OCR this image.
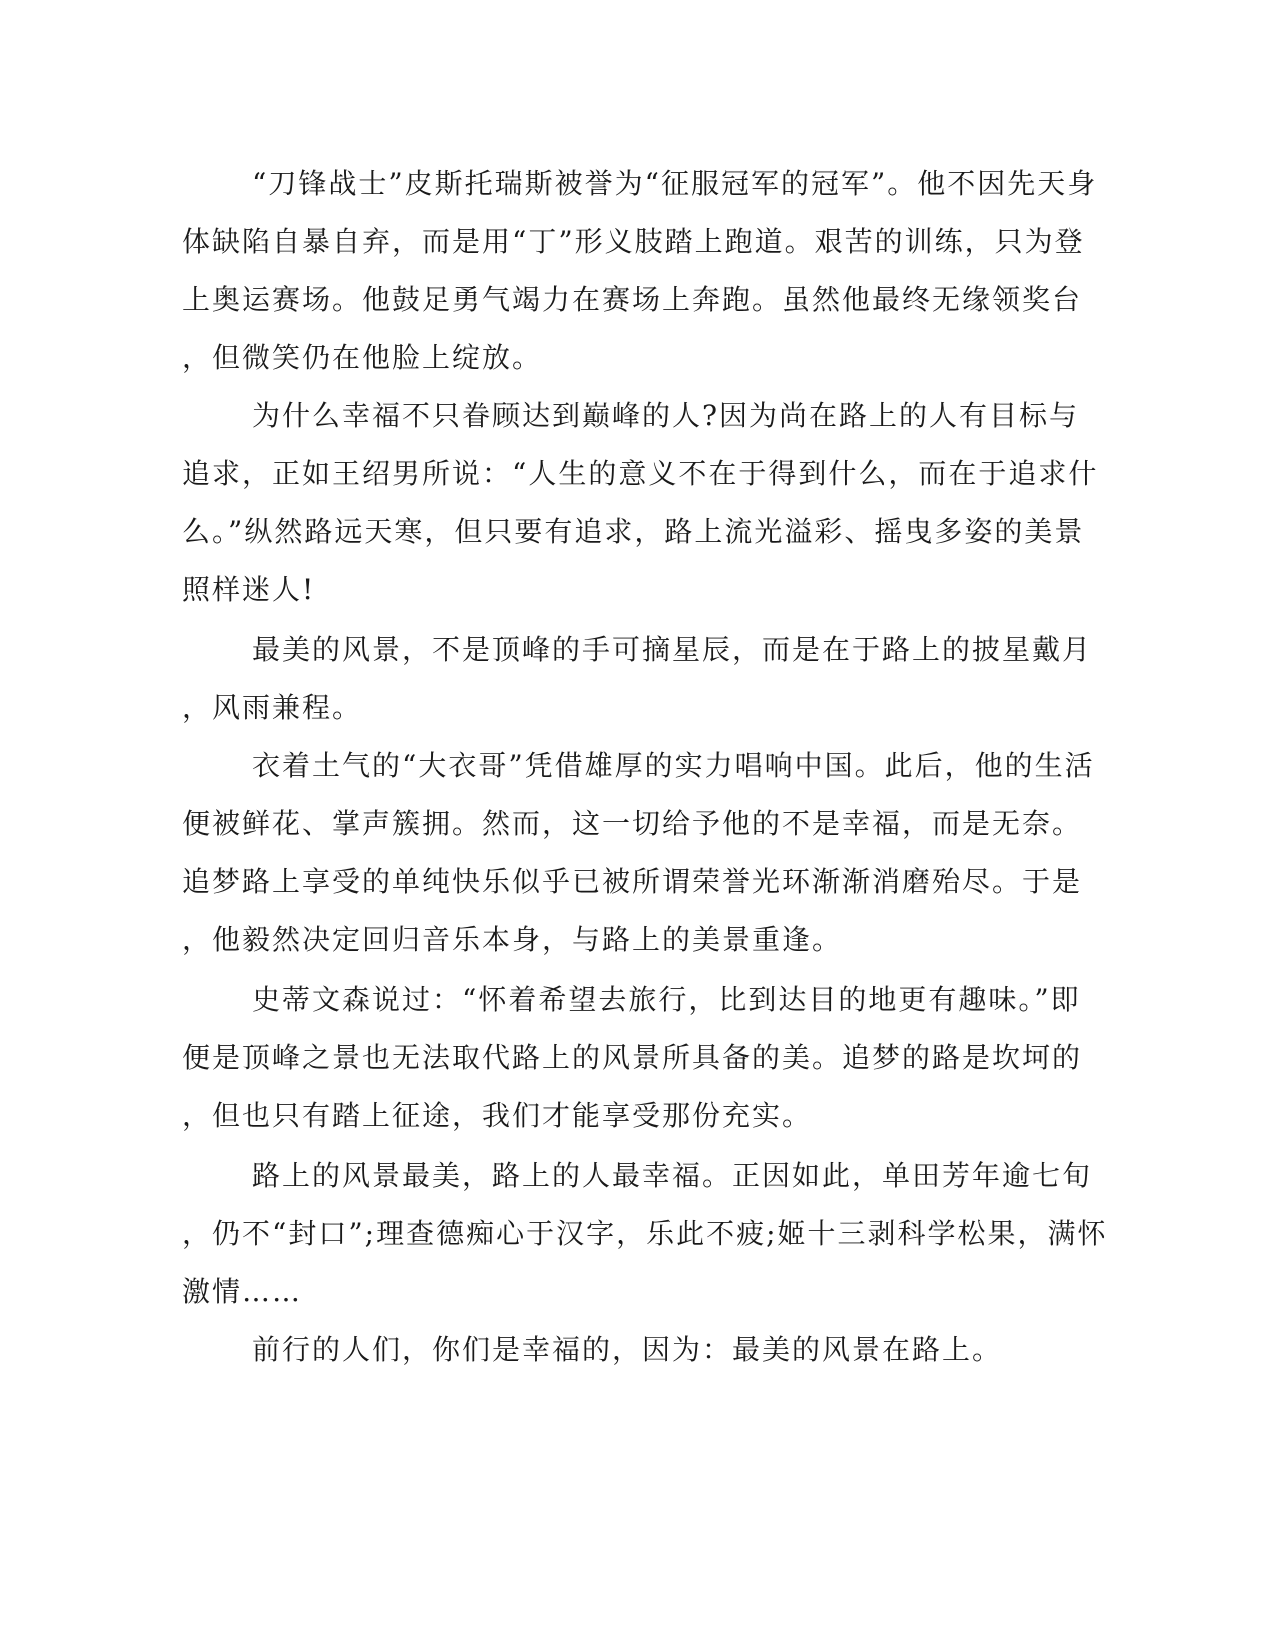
“刀锋战士”皮斯托瑞斯被誉为“征服冠军的冠军”。他不因先天身
体缺陷自暴自弃，而是用“丁”形义肢踏上跑道。艰苦的训练，只为登
上奥运赛场。他鼓足勇气竭力在赛场上奔跑。虽然他最终无缘领奖台
，但微笑仍在他脸上绽放。
为什么幸福不只眷顾达到巅峰的人?因为尚在路上的人有目标与
追求，正如王绍男所说：“人生的意义不在于得到什么，而在于追求什
么。”纵然路远天寒，但只要有追求，路上流光溢彩、摇曳多姿的美景
照样迷人!
最美的风景，不是顶峰的手可摘星辰，而是在于路上的披星戴月
，风雨兼程。
衣着土气的“大衣哥”凭借雄厚的实力唱响中国。此后，他的生活
便被鲜花、掌声簇拥。然而，这一切给予他的不是幸福，而是无奈。
追梦路上享受的单纯快乐似乎已被所谓荣誉光环渐渐消磨殆尽。于是
，他毅然决定回归音乐本身，与路上的美景重逢。
史蒂文森说过：“怀着希望去旅行，比到达目的地更有趣味。”即
便是顶峰之景也无法取代路上的风景所具备的美。追梦的路是坎坷的
，但也只有踏上征途，我们才能享受那份充实。
路上的风景最美，路上的人最幸福。正因如此，单田芳年逾七旬
，仍不“封口”;理查德痴心于汉字，乐此不疲;姬十三剥科学松果，满怀
激情……
前行的人们，你们是幸福的，因为：最美的风景在路上。
